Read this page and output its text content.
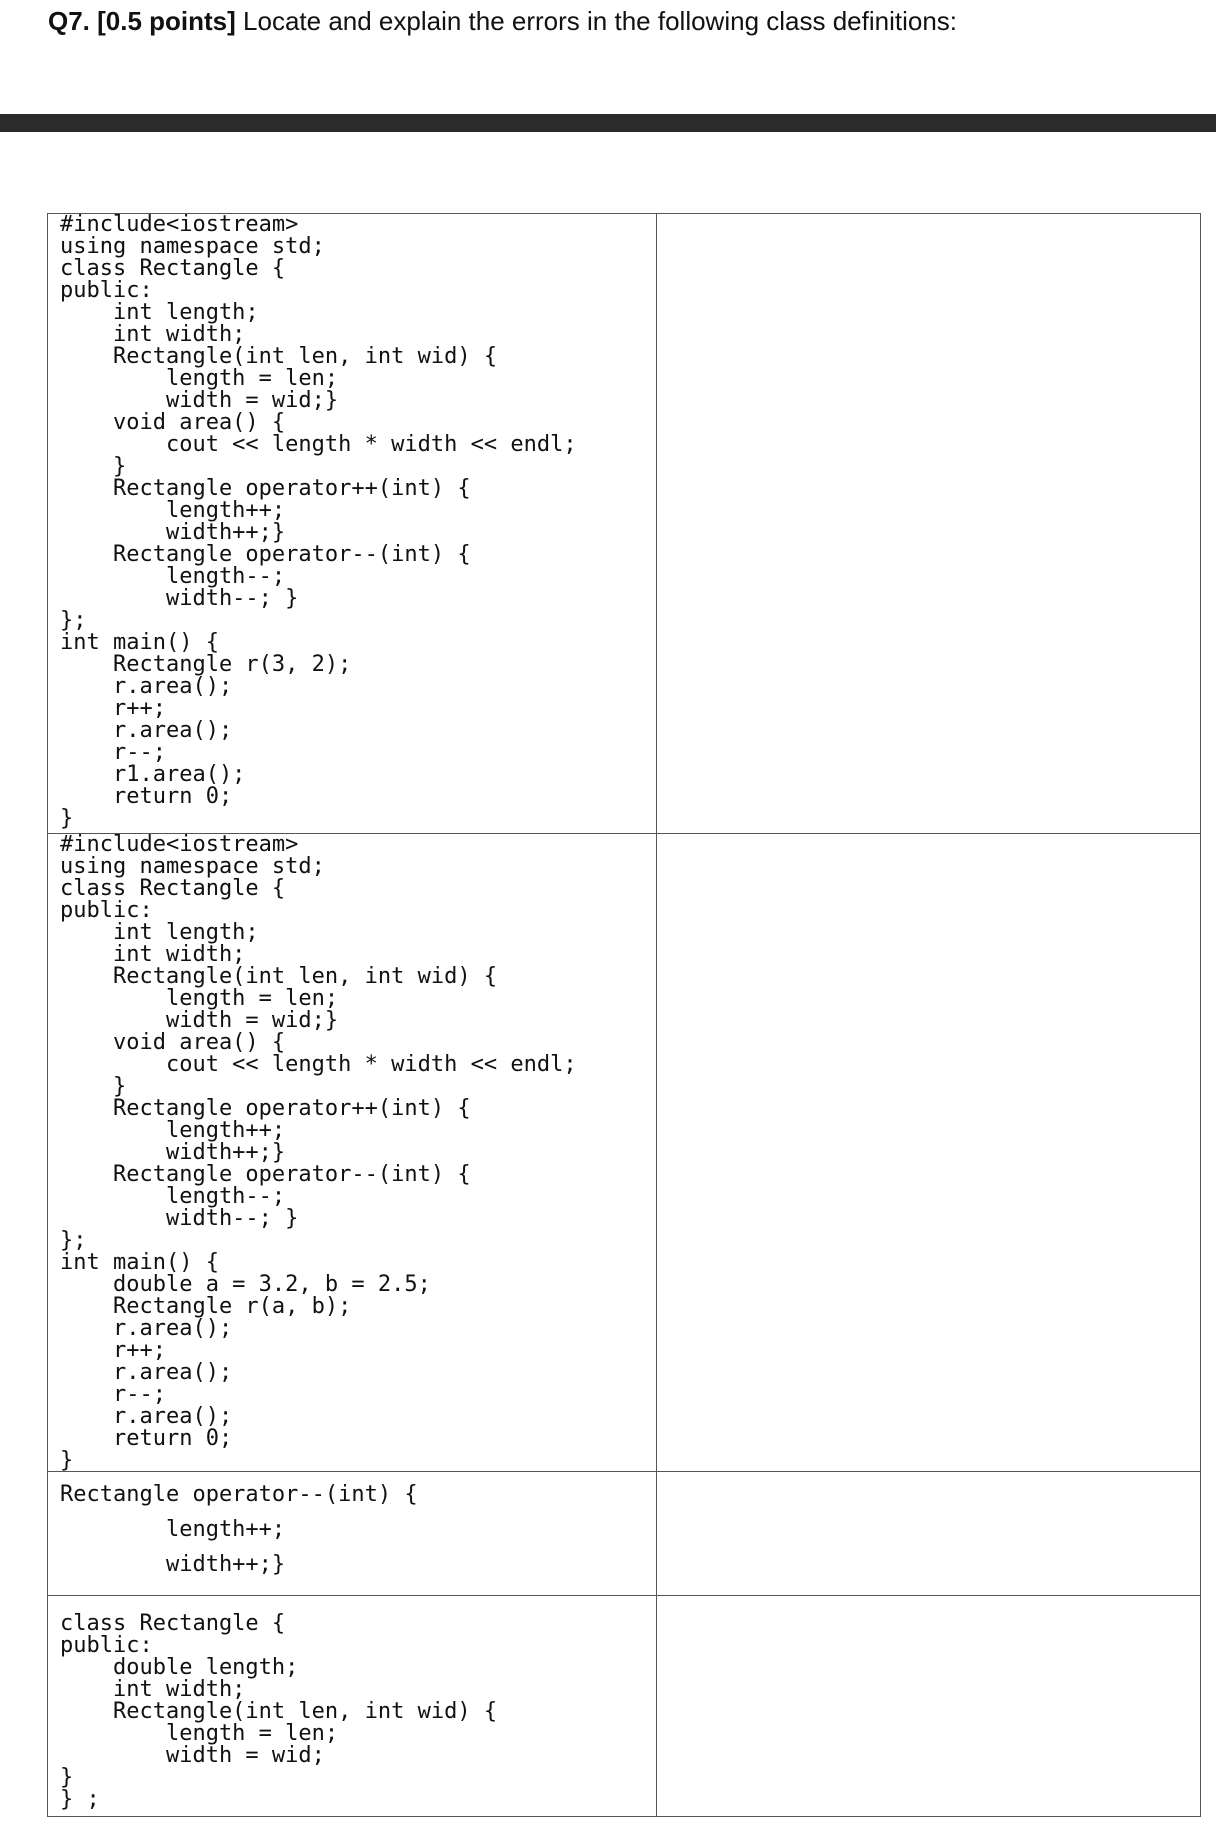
Q7. [0.5 points] Locate and explain the errors in the following class definitions:
#include<iostream>
using namespace std;
class Rectangle {
public:
int length;
int width;
Rectangle(int len, int wid) {
length = len;
width = wid;}
void area() {
cout << length * width << endl;
}
Rectangle operator++(int) {
length++;
width++;}
Rectangle operator--(int) {
length--;
width--; }
};
int main() {
Rectangle r(3, 2);
r.area();
r++;
r.area();
r--;
r1.area();
return 0;
}
#include<iostream>
using namespace std;
class Rectangle {
public:
int length;
int width;
Rectangle(int len, int wid) {
length = len;
width = wid;}
void area() {
cout << length * width << endl;
}
Rectangle operator++(int) {
length++;
width++;}
Rectangle operator--(int) {
length--;
width--; }
};
int main() {
double a = 3.2, b = 2.5;
Rectangle r(a, b);
r.area();
r++;
r.area();
r--;
r.area();
return 0;
}
Rectangle operator--(int) {
length++;
width++;}
class Rectangle {
public:
double length;
int width;
Rectangle(int len, int wid) {
length = len;
width = wid;
}
} ;
